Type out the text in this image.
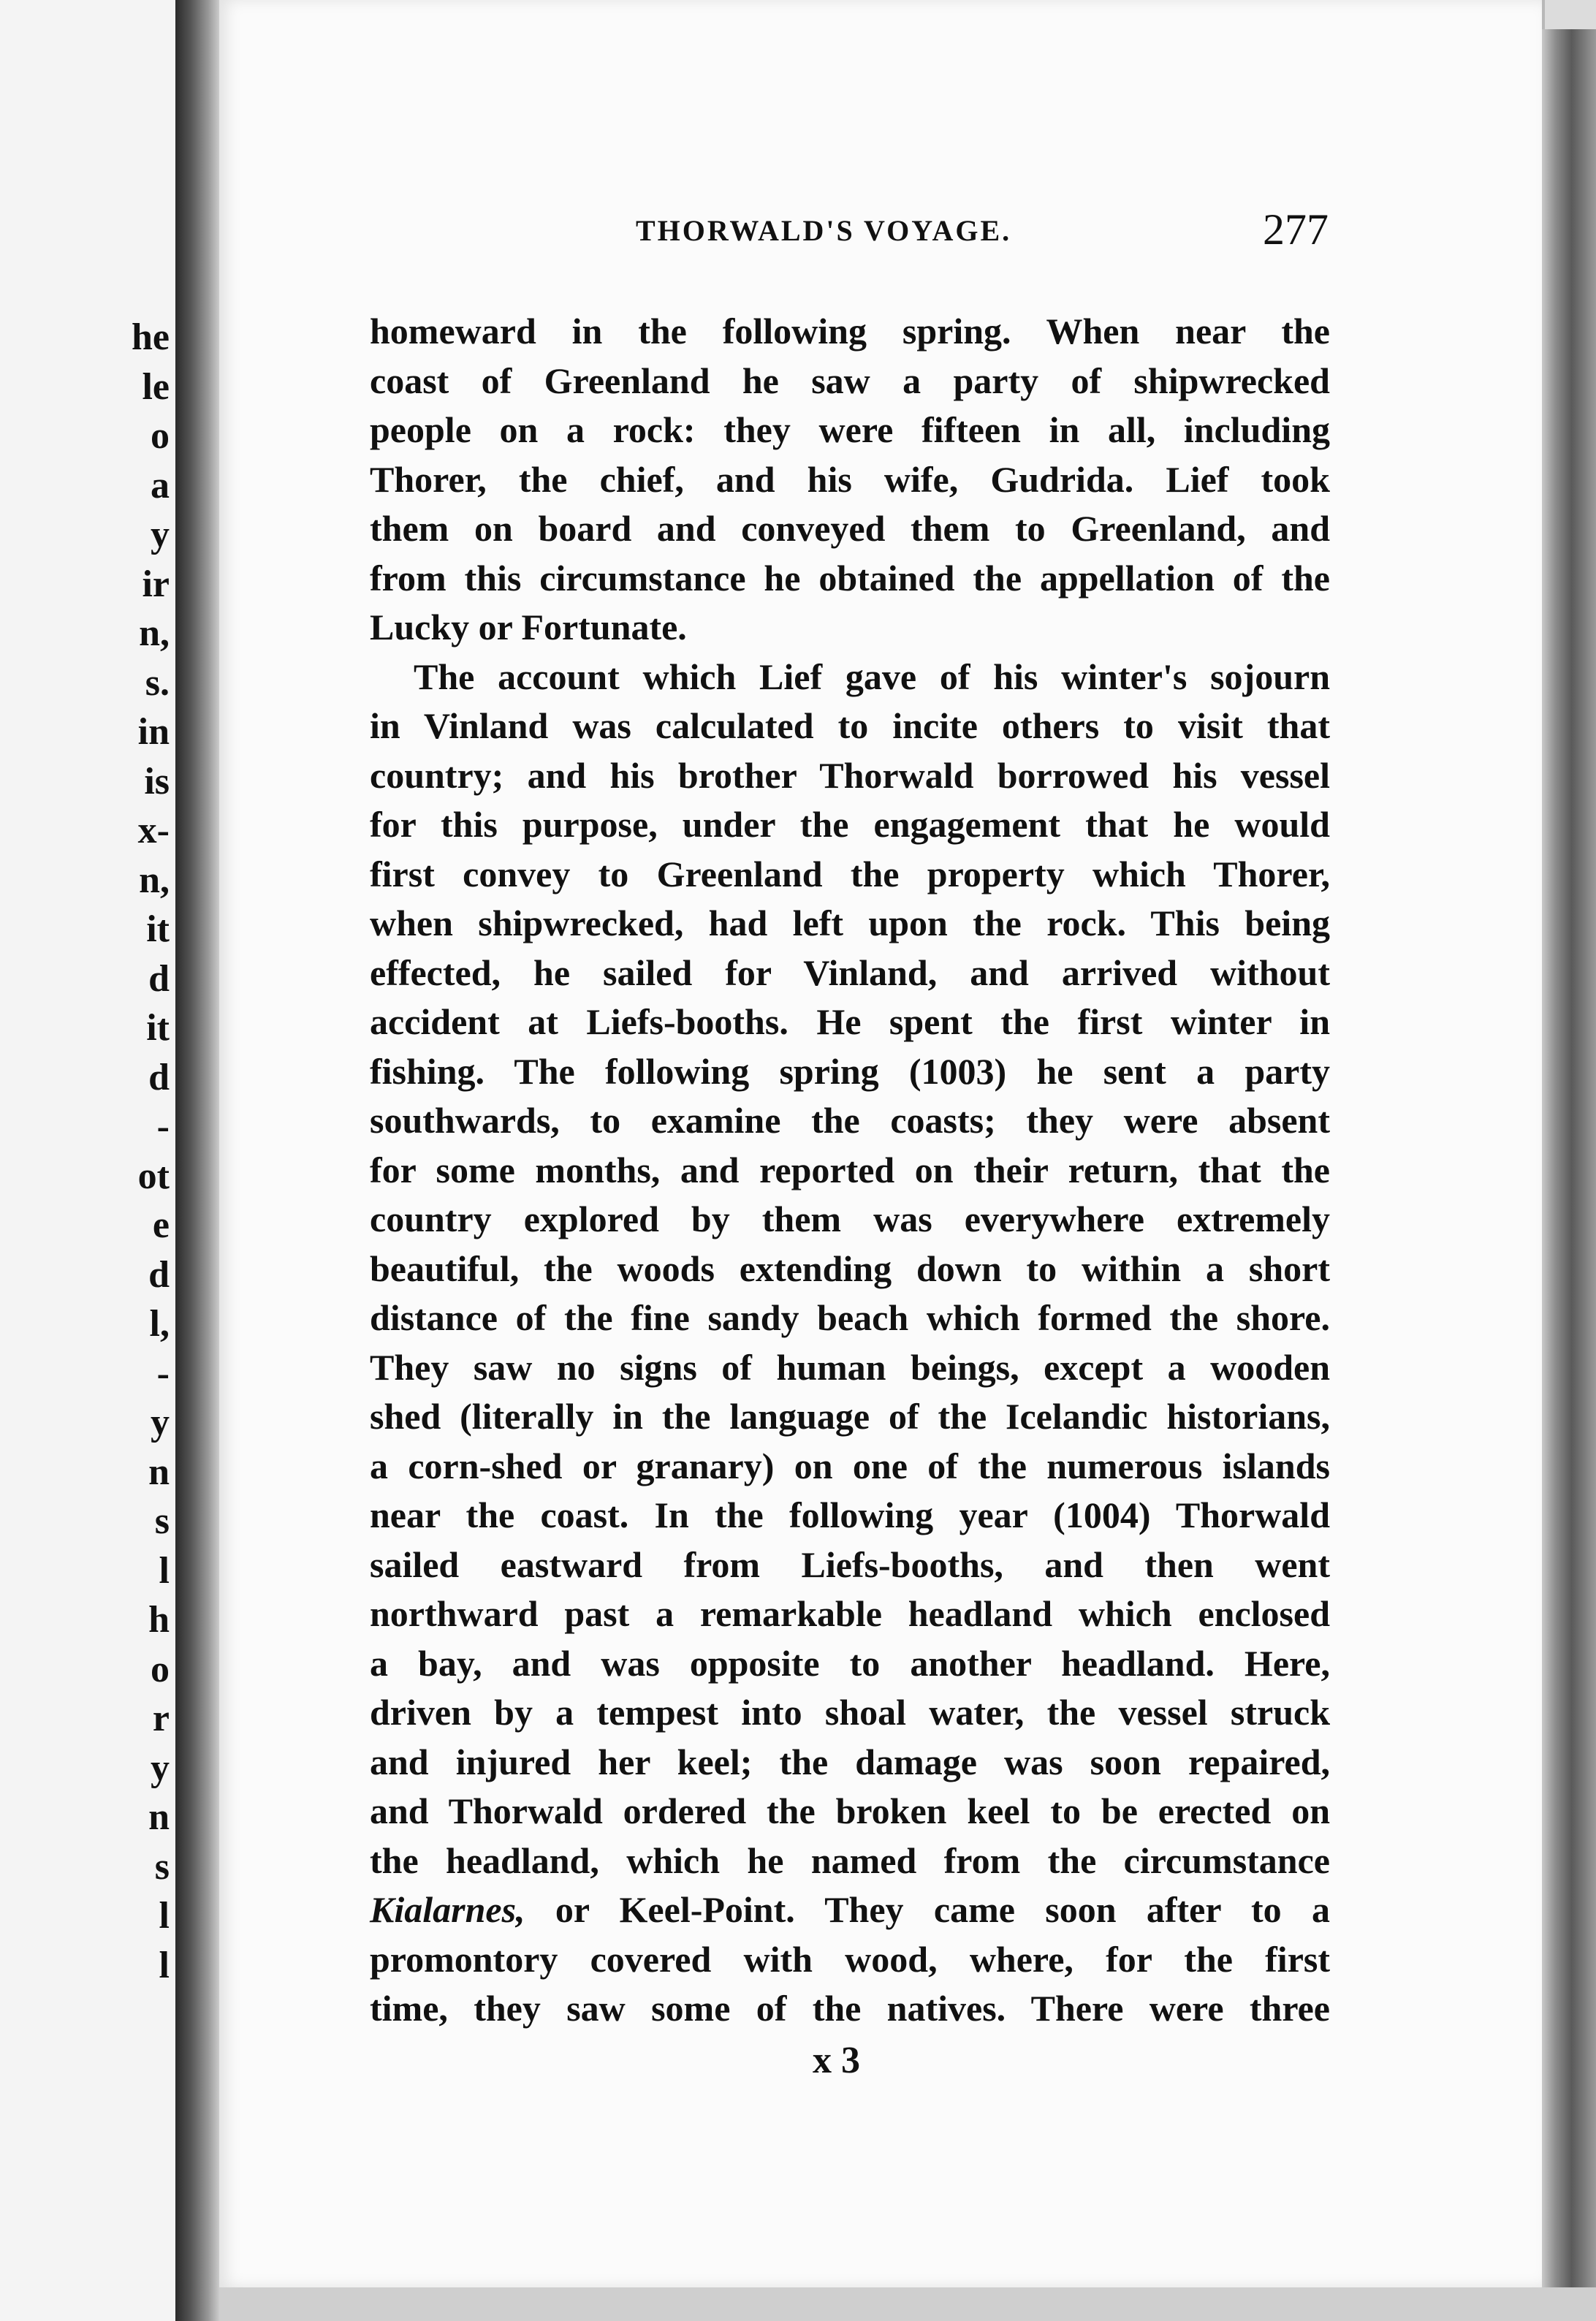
he
le
o
a
y
ir
n,
s.
in
is
x-
n,
it
d
it
d
-
ot
e
d
l,
-
y
n
s
l
h
o
r
y
n
s
l
l
THORWALD'S VOYAGE.	277
homeward in the following spring. When near the
coast of Greenland he saw a party of shipwrecked
people on a rock: they were fifteen in all, including
Thorer, the chief, and his wife, Gudrida. Lief took
them on board and conveyed them to Greenland, and
from this circumstance he obtained the appellation of the
Lucky or Fortunate.
The account which Lief gave of his winter's sojourn
in Vinland was calculated to incite others to visit that
country; and his brother Thorwald borrowed his vessel
for this purpose, under the engagement that he would
first convey to Greenland the property which Thorer,
when shipwrecked, had left upon the rock. This being
effected, he sailed for Vinland, and arrived without
accident at Liefs-booths. He spent the first winter in
fishing. The following spring (1003) he sent a party
southwards, to examine the coasts; they were absent
for some months, and reported on their return, that the
country explored by them was everywhere extremely
beautiful, the woods extending down to within a short
distance of the fine sandy beach which formed the shore.
They saw no signs of human beings, except a wooden
shed (literally in the language of the Icelandic historians,
a corn-shed or granary) on one of the numerous islands
near the coast. In the following year (1004) Thorwald
sailed eastward from Liefs-booths, and then went
northward past a remarkable headland which enclosed
a bay, and was opposite to another headland. Here,
driven by a tempest into shoal water, the vessel struck
and injured her keel; the damage was soon repaired,
and Thorwald ordered the broken keel to be erected on
the headland, which he named from the circumstance
Kialarnes, or Keel-Point. They came soon after to a
promontory covered with wood, where, for the first
time, they saw some of the natives. There were three
x 3
